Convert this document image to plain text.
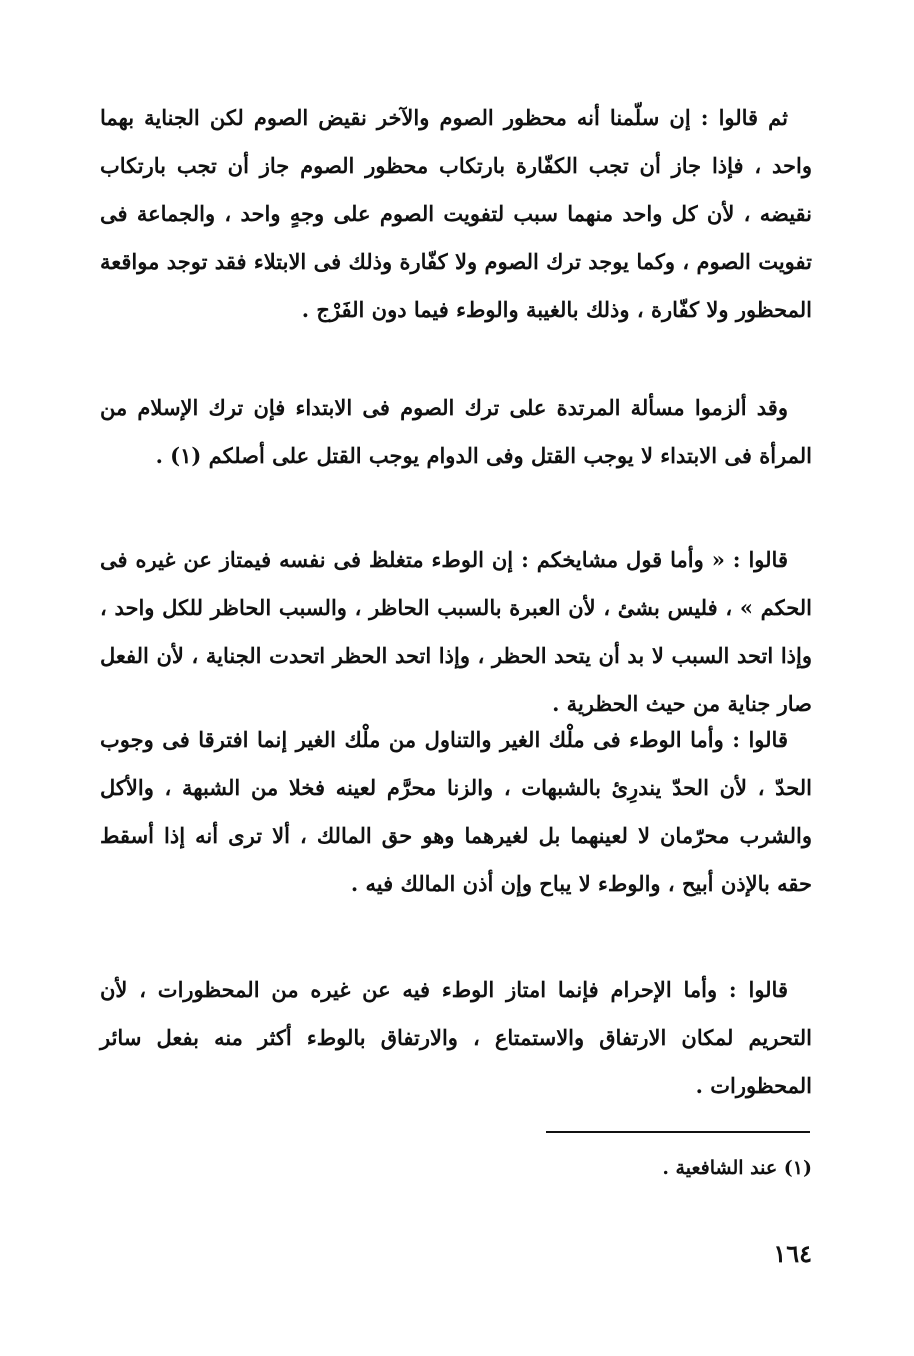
ثم قالوا : إن سلّمنا أنه محظور الصوم والآخر نقيض الصوم لكن الجناية بهما واحد ، فإذا جاز أن تجب الكفّارة بارتكاب محظور الصوم جاز أن تجب بارتكاب نقيضه ، لأن كل واحد منهما سبب لتفويت الصوم على وجهٍ واحد ، والجماعة فى تفويت الصوم ، وكما يوجد ترك الصوم ولا كفّارة وذلك فى الابتلاء فقد توجد مواقعة المحظور ولا كفّارة ، وذلك بالغيبة والوطء فيما دون الفَرْج .

وقد ألزموا مسألة المرتدة على ترك الصوم فى الابتداء فإن ترك الإسلام من المرأة فى الابتداء لا يوجب القتل وفى الدوام يوجب القتل على أصلكم (١) .

قالوا : « وأما قول مشايخكم : إن الوطء متغلظ فى نفسه فيمتاز عن غيره فى الحكم » ، فليس بشئ ، لأن العبرة بالسبب الحاظر ، والسبب الحاظر للكل واحد ، وإذا اتحد السبب لا بد أن يتحد الحظر ، وإذا اتحد الحظر اتحدت الجناية ، لأن الفعل صار جناية من حيث الحظرية .

قالوا : وأما الوطء فى ملْك الغير والتناول من ملْك الغير إنما افترقا فى وجوب الحدّ ، لأن الحدّ يندرِئ بالشبهات ، والزنا محرَّم لعينه فخلا من الشبهة ، والأكل والشرب محرّمان لا لعينهما بل لغيرهما وهو حق المالك ، ألا ترى أنه إذا أسقط حقه بالإذن أبيح ، والوطء لا يباح وإن أذن المالك فيه .

قالوا : وأما الإحرام فإنما امتاز الوطء فيه عن غيره من المحظورات ، لأن التحريم لمكان الارتفاق والاستمتاع ، والارتفاق بالوطء أكثر منه بفعل سائر المحظورات .

(١) عند الشافعية .
١٦٤
